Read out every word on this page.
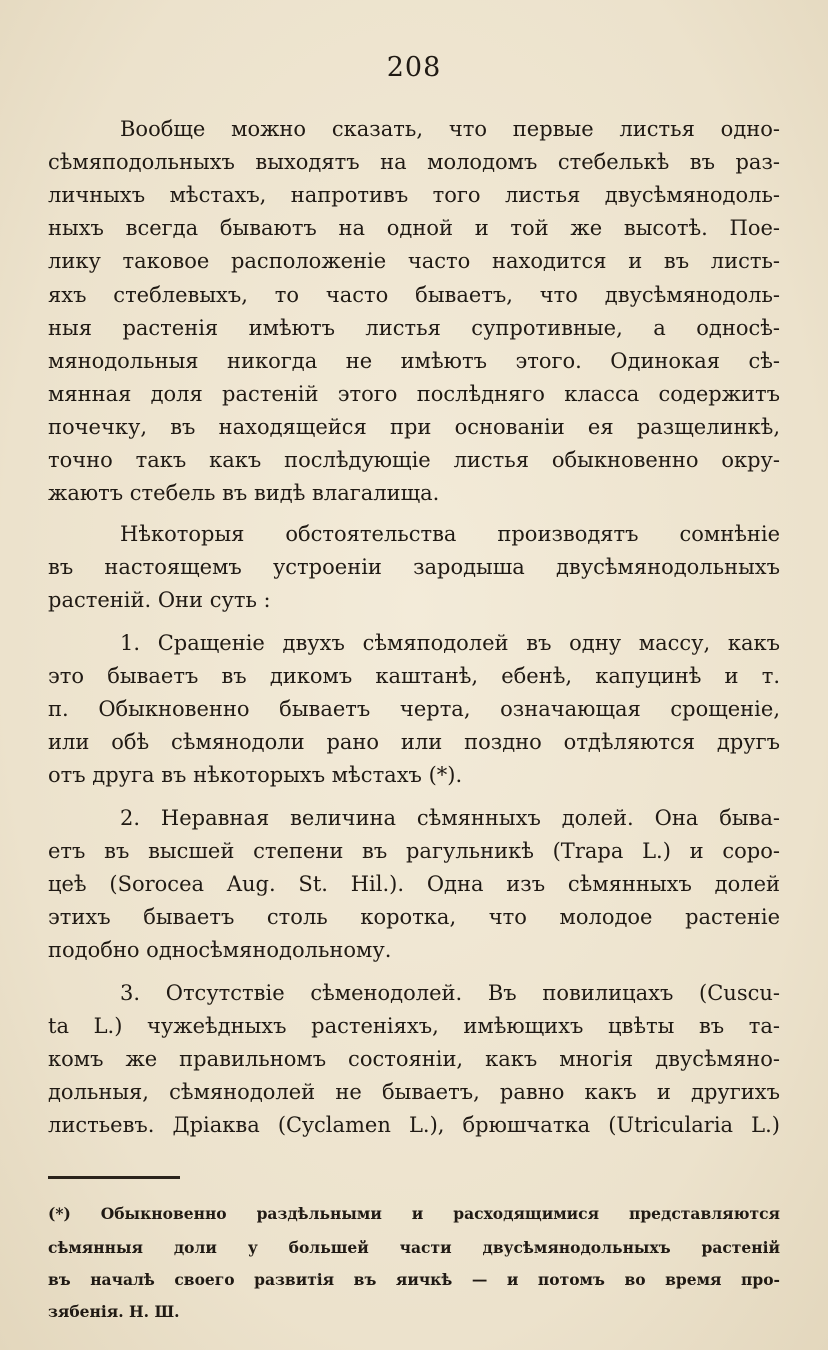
208
Вообще можно сказать, что первые листья одно-
сѣмяподольныхъ выходятъ на молодомъ стебелькѣ въ раз-
личныхъ мѣстахъ, напротивъ того листья двусѣмянодоль-
ныхъ всегда бываютъ на одной и той же высотѣ. Поe-
лику таковое расположеніе часто находится и въ листь-
яхъ стеблевыхъ, то часто бываетъ, что двусѣмянодоль-
ныя растенія имѣютъ листья супротивные, а односѣ-
мянодольныя никогда не имѣютъ этого. Одинокая сѣ-
мянная доля растеній этого послѣдняго класса содержитъ
почечку, въ находящейся при основаніи ея разщелинкѣ,
точно такъ какъ послѣдующіе листья обыкновенно окру-
жаютъ стебель въ видѣ влагалища.
Нѣкоторыя обстоятельства производятъ сомнѣніе
въ настоящемъ устроеніи зародыша двусѣмянодольныхъ
растеній. Они суть :
1. Сращеніе двухъ сѣмяподолей въ одну массу, какъ
это бываетъ въ дикомъ каштанѣ, ебенѣ, капуцинѣ и т.
п. Обыкновенно бываетъ черта, означающая срощеніе,
или обѣ сѣмянодоли рано или поздно отдѣляются другъ
отъ друга въ нѣкоторыхъ мѣстахъ (*).
2. Неравная величина сѣмянныхъ долей. Она быва-
етъ въ высшей степени въ рагульникѣ (Trapa L.) и соро-
цеѣ (Sorocea Aug. St. Hil.). Одна изъ сѣмянныхъ долей
этихъ бываетъ столь коротка, что молодое растеніе
подобно односѣмянодольному.
3. Отсутствіе сѣменодолей. Въ повилицахъ (Cuscu-
ta L.) чужеѣдныхъ растеніяхъ, имѣющихъ цвѣты въ та-
комъ же правильномъ состояніи, какъ многія двусѣмяно-
дольныя, сѣмянодолей не бываетъ, равно какъ и другихъ
листьевъ. Дріаква (Cyclamen L.), брюшчатка (Utricularia L.)
(*) Обыкновенно раздѣльными и расходящимися представляются
сѣмянныя доли у большей части двусѣмянодольныхъ растеній
въ началѣ своего развитія въ яичкѣ — и потомъ во время про-
зябенія. Н. Ш.
